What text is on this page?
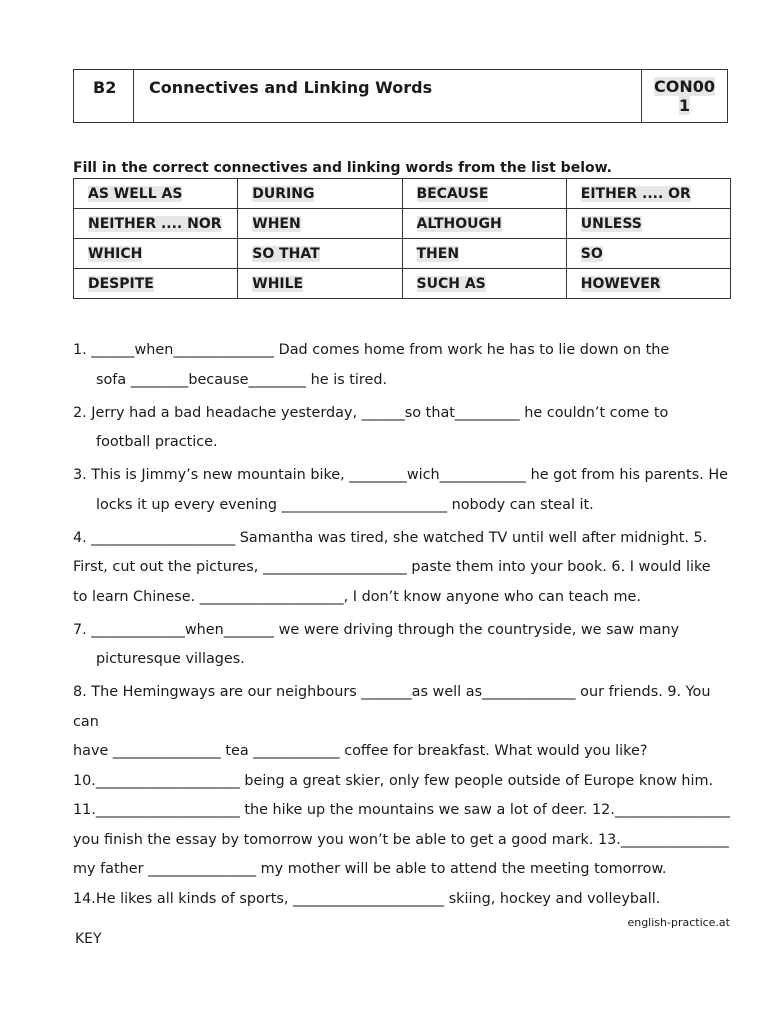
B2	Connectives and Linking Words	CON00
1
Fill in the correct connectives and linking words from the list below.
AS WELL AS	DURING	BECAUSE	EITHER .... OR
NEITHER .... NOR	WHEN	ALTHOUGH	UNLESS
WHICH	SO THAT	THEN	SO
DESPITE	WHILE	SUCH AS	HOWEVER
1. ______when______________ Dad comes home from work he has to lie down on the
sofa ________because________ he is tired.
2. Jerry had a bad headache yesterday, ______so that_________ he couldn’t come to
football practice.
3. This is Jimmy’s new mountain bike, ________wich____________ he got from his parents. He
locks it up every evening _______________________ nobody can steal it.
4. ____________________ Samantha was tired, she watched TV until well after midnight. 5.
First, cut out the pictures, ____________________ paste them into your book. 6. I would like
to learn Chinese. ____________________, I don’t know anyone who can teach me.
7. _____________when_______ we were driving through the countryside, we saw many
picturesque villages.
8. The Hemingways are our neighbours _______as well as_____________ our friends. 9. You can
have _______________ tea ____________ coffee for breakfast. What would you like?
10.____________________ being a great skier, only few people outside of Europe know him.
11.____________________ the hike up the mountains we saw a lot of deer. 12.________________
you finish the essay by tomorrow you won’t be able to get a good mark. 13._______________
my father _______________ my mother will be able to attend the meeting tomorrow.
14.He likes all kinds of sports, _____________________ skiing, hockey and volleyball.
english-practice.at
KEY
